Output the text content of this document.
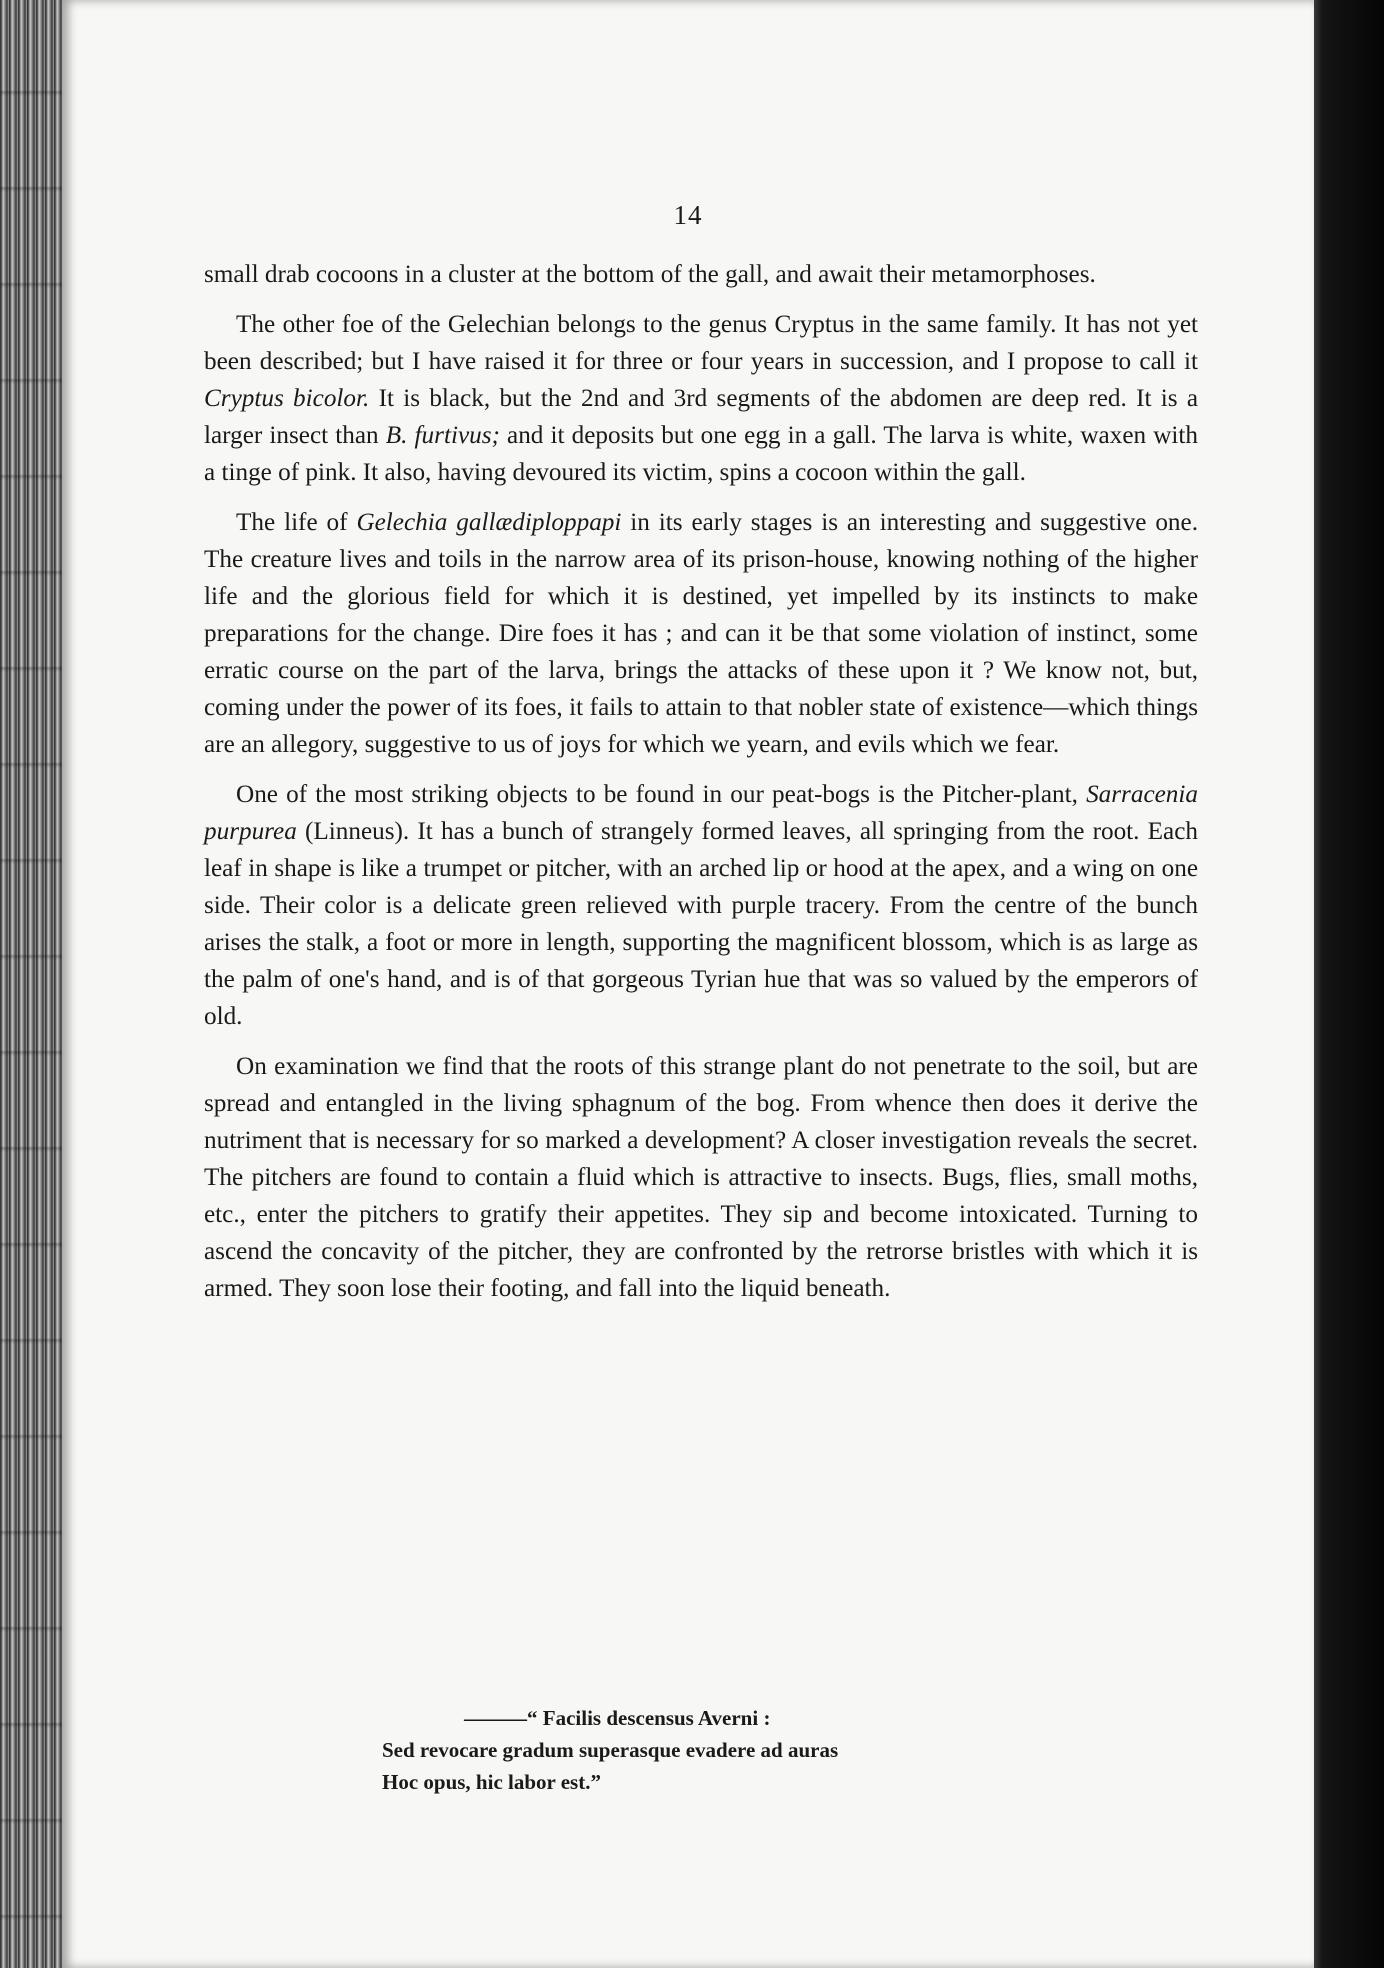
14

small drab cocoons in a cluster at the bottom of the gall, and await their metamorphoses.

The other foe of the Gelechian belongs to the genus Cryptus in the same family. It has not yet been described; but I have raised it for three or four years in succession, and I propose to call it Cryptus bicolor. It is black, but the 2nd and 3rd segments of the abdomen are deep red. It is a larger insect than B. furtivus; and it deposits but one egg in a gall. The larva is white, waxen with a tinge of pink. It also, having devoured its victim, spins a cocoon within the gall.

The life of Gelechia gallædiploppapi in its early stages is an interesting and suggestive one. The creature lives and toils in the narrow area of its prison-house, knowing nothing of the higher life and the glorious field for which it is destined, yet impelled by its instincts to make preparations for the change. Dire foes it has ; and can it be that some violation of instinct, some erratic course on the part of the larva, brings the attacks of these upon it ? We know not, but, coming under the power of its foes, it fails to attain to that nobler state of existence—which things are an allegory, suggestive to us of joys for which we yearn, and evils which we fear.

One of the most striking objects to be found in our peat-bogs is the Pitcher-plant, Sarracenia purpurea (Linneus). It has a bunch of strangely formed leaves, all springing from the root. Each leaf in shape is like a trumpet or pitcher, with an arched lip or hood at the apex, and a wing on one side. Their color is a delicate green relieved with purple tracery. From the centre of the bunch arises the stalk, a foot or more in length, supporting the magnificent blossom, which is as large as the palm of one's hand, and is of that gorgeous Tyrian hue that was so valued by the emperors of old.

On examination we find that the roots of this strange plant do not penetrate to the soil, but are spread and entangled in the living sphagnum of the bog. From whence then does it derive the nutriment that is necessary for so marked a development? A closer investigation reveals the secret. The pitchers are found to contain a fluid which is attractive to insects. Bugs, flies, small moths, etc., enter the pitchers to gratify their appetites. They sip and become intoxicated. Turning to ascend the concavity of the pitcher, they are confronted by the retrorse bristles with which it is armed. They soon lose their footing, and fall into the liquid beneath.

———“ Facilis descensus Averni :
Sed revocare gradum superasque evadere ad auras
Hoc opus, hic labor est.”
